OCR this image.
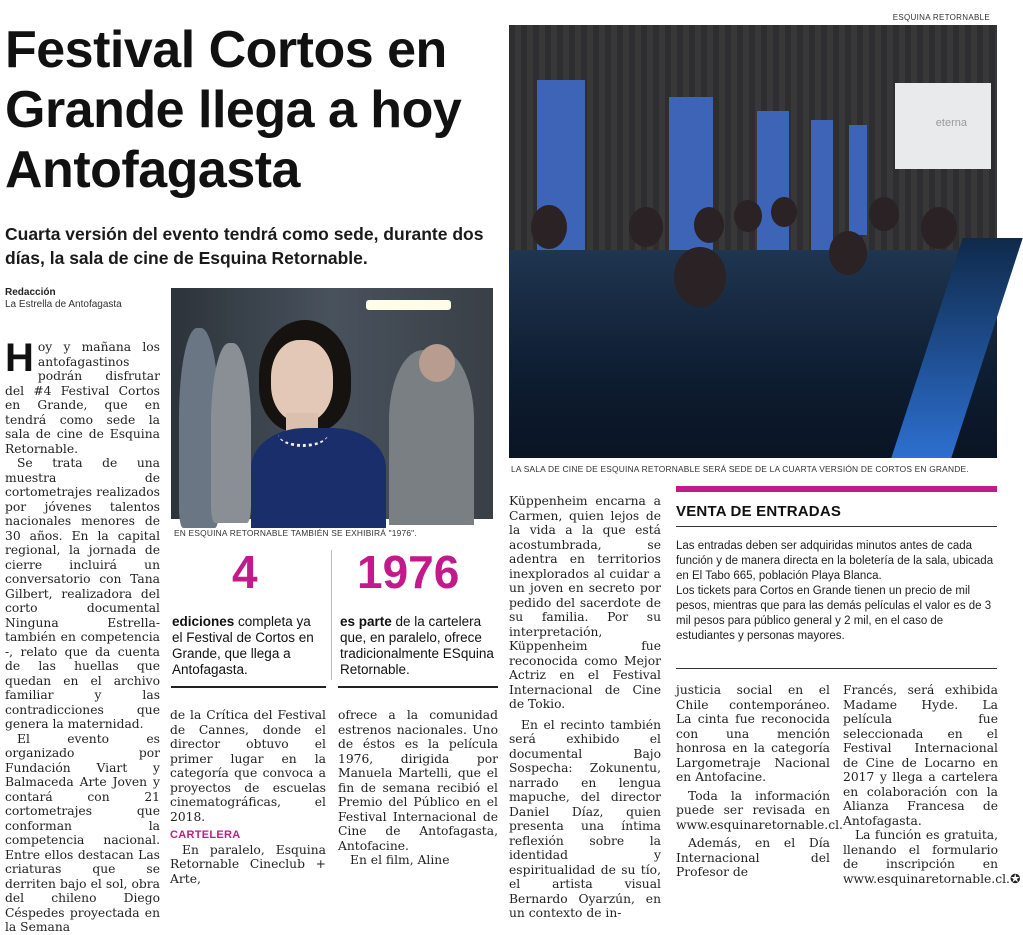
ESQUINA RETORNABLE
Festival Cortos en Grande llega a hoy Antofagasta
Cuarta versión del evento tendrá como sede, durante dos días, la sala de cine de Esquina Retornable.
Redacción
La Estrella de Antofagasta
eterna
LA SALA DE CINE DE ESQUINA RETORNABLE SERÁ SEDE DE LA CUARTA VERSIÓN DE CORTOS EN GRANDE.
EN ESQUINA RETORNABLE TAMBIÉN SE EXHIBIRÁ "1976".
4
ediciones completa ya el Festival de Cortos en Grande, que llega a Antofagasta.
1976
es parte de la cartelera que, en paralelo, ofrece tradicionalmente ESquina Retornable.

Hoy y mañana los antofagastinos podrán disfrutar del #4 Festival Cortos en Grande, que en tendrá como sede la sala de cine de Esquina Retornable.

Se trata de una muestra de cortometrajes realizados por jóvenes talentos nacionales menores de 30 años. En la capital regional, la jornada de cierre incluirá un conversatorio con Tana Gilbert, realizadora del corto documental Ninguna Estrella- también en competencia -, relato que da cuenta de las huellas que quedan en el archivo familiar y las contradicciones que genera la maternidad.

El evento es organizado por Fundación Viart y Balmaceda Arte Joven y contará con 21 cortometrajes que conforman la competencia nacional. Entre ellos destacan Las criaturas que se derriten bajo el sol, obra del chileno Diego Céspedes proyectada en la Semana

de la Crítica del Festival de Cannes, donde el director obtuvo el primer lugar en la categoría que convoca a proyectos de escuelas cinematográficas, el 2018.

CARTELERA

En paralelo, Esquina Retornable Cineclub + Arte,

ofrece a la comunidad estrenos nacionales. Uno de éstos es la película 1976, dirigida por Manuela Martelli, que el fin de semana recibió el Premio del Público en el Festival Internacional de Cine de Antofagasta, Antofacine.

En el film, Aline

Küppenheim encarna a Carmen, quien lejos de la vida a la que está acostumbrada, se adentra en territorios inexplorados al cuidar a un joven en secreto por pedido del sacerdote de su familia. Por su interpretación, Küppenheim fue reconocida como Mejor Actriz en el Festival Internacional de Cine de Tokio.

En el recinto también será exhibido el documental Bajo Sospecha: Zokunentu, narrado en lengua mapuche, del director Daniel Díaz, quien presenta una íntima reflexión sobre la identidad y espiritualidad de su tío, el artista visual Bernardo Oyarzún, en un contexto de in-

justicia social en el Chile contemporáneo. La cinta fue reconocida con una mención honrosa en la categoría Largometraje Nacional en Antofacine.

Toda la información puede ser revisada en www.esquinaretornable.cl.

Además, en el Día Internacional del Profesor de

Francés, será exhibida Madame Hyde. La película fue seleccionada en el Festival Internacional de Cine de Locarno en 2017 y llega a cartelera en colaboración con la Alianza Francesa de Antofagasta.

La función es gratuita, llenando el formulario de inscripción en www.esquinaretornable.cl.✪

VENTA DE ENTRADAS

Las entradas deben ser adquiridas minutos antes de cada función y de manera directa en la boletería de la sala, ubicada en El Tabo 665, población Playa Blanca.

Los tickets para Cortos en Grande tienen un precio de mil pesos, mientras que para las demás películas el valor es de 3 mil pesos para público general y 2 mil, en el caso de estudiantes y personas mayores.
